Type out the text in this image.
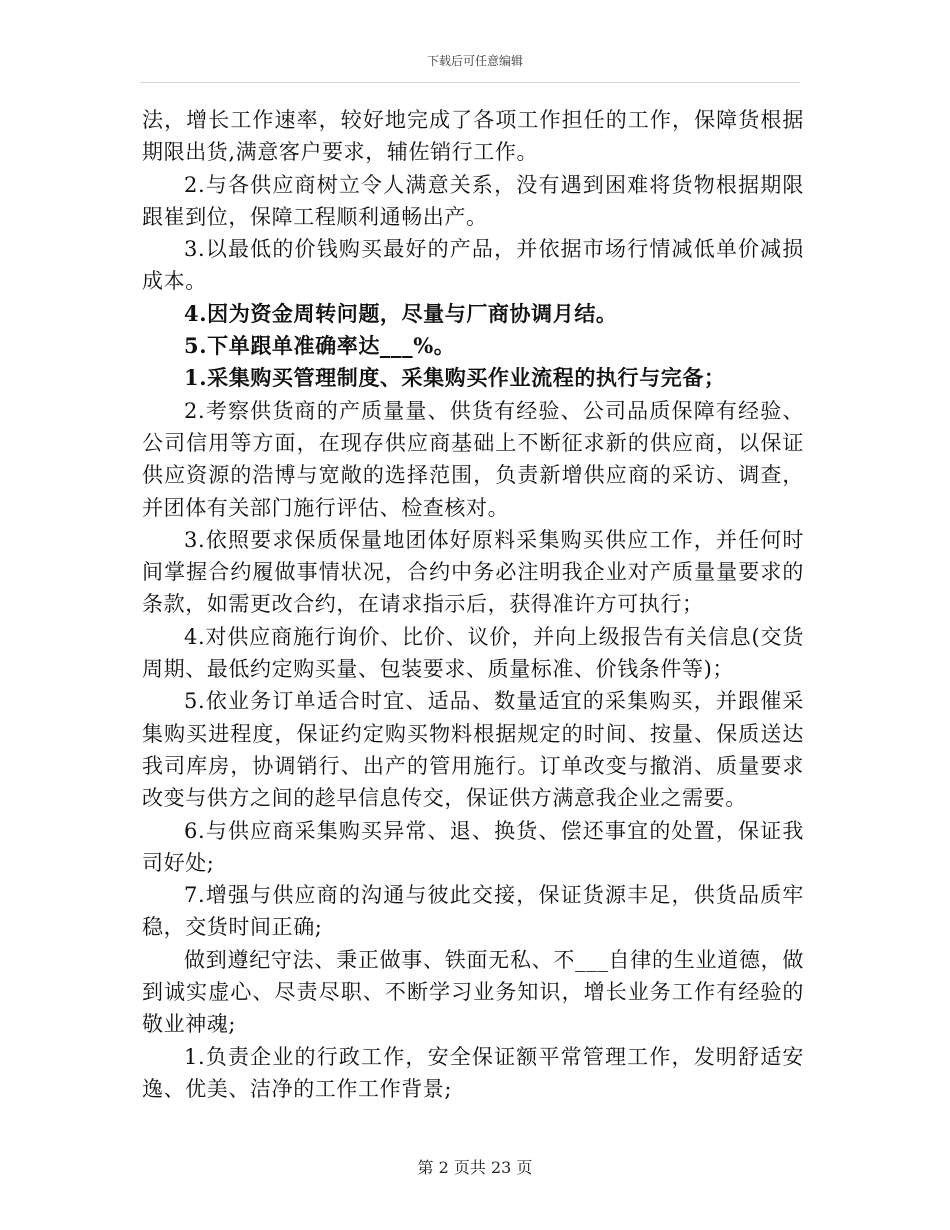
下载后可任意编辑

法，增长工作速率，较好地完成了各项工作担任的工作，保障货根据期限出货,满意客户要求，辅佐销行工作。

2.与各供应商树立令人满意关系，没有遇到困难将货物根据期限跟崔到位，保障工程顺利通畅出产。

3.以最低的价钱购买最好的产品，并依据市场行情减低单价减损成本。

4.因为资金周转问题，尽量与厂商协调月结。

5.下单跟单准确率达___%。

1.采集购买管理制度、采集购买作业流程的执行与完备；

2.考察供货商的产质量量、供货有经验、公司品质保障有经验、公司信用等方面，在现存供应商基础上不断征求新的供应商，以保证供应资源的浩博与宽敞的选择范围，负责新增供应商的采访、调查，并团体有关部门施行评估、检查核对。

3.依照要求保质保量地团体好原料采集购买供应工作，并任何时间掌握合约履做事情状况，合约中务必注明我企业对产质量量要求的条款，如需更改合约，在请求指示后，获得准许方可执行；

4.对供应商施行询价、比价、议价，并向上级报告有关信息(交货周期、最低约定购买量、包装要求、质量标准、价钱条件等)；

5.依业务订单适合时宜、适品、数量适宜的采集购买，并跟催采集购买进程度，保证约定购买物料根据规定的时间、按量、保质送达我司库房，协调销行、出产的管用施行。订单改变与撤消、质量要求改变与供方之间的趁早信息传交，保证供方满意我企业之需要。

6.与供应商采集购买异常、退、换货、偿还事宜的处置，保证我司好处;

7.增强与供应商的沟通与彼此交接，保证货源丰足，供货品质牢稳，交货时间正确;

做到遵纪守法、秉正做事、铁面无私、不___自律的生业道德，做到诚实虚心、尽责尽职、不断学习业务知识，增长业务工作有经验的敬业神魂;

1.负责企业的行政工作，安全保证额平常管理工作，发明舒适安逸、优美、洁净的工作工作背景;

第 2 页共 23 页
